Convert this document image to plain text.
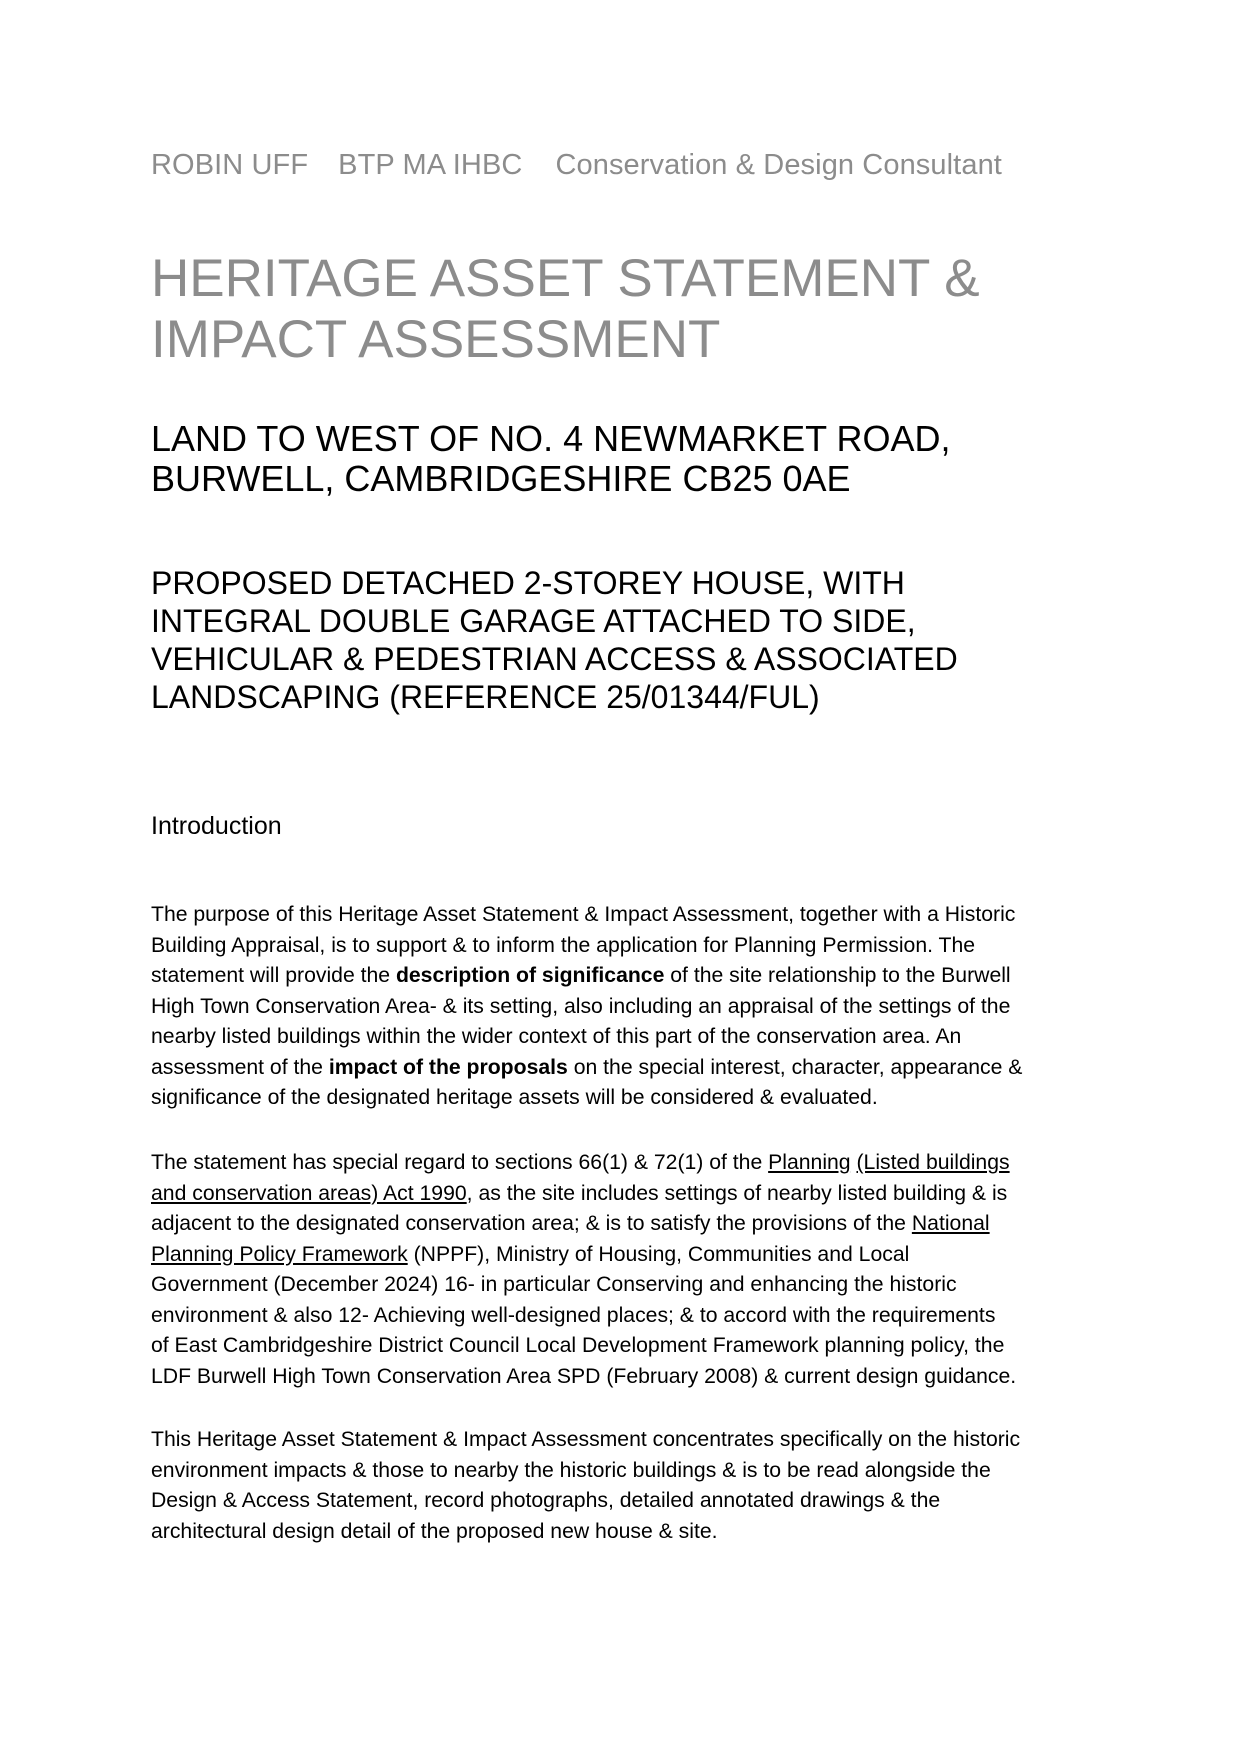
ROBIN UFF BTP MA IHBC Conservation & Design Consultant
HERITAGE ASSET STATEMENT &
IMPACT ASSESSMENT
LAND TO WEST OF NO. 4 NEWMARKET ROAD,
BURWELL, CAMBRIDGESHIRE CB25 0AE
PROPOSED DETACHED 2-STOREY HOUSE, WITH
INTEGRAL DOUBLE GARAGE ATTACHED TO SIDE,
VEHICULAR & PEDESTRIAN ACCESS & ASSOCIATED
LANDSCAPING (REFERENCE 25/01344/FUL)
Introduction

The purpose of this Heritage Asset Statement & Impact Assessment, together with a Historic
Building Appraisal, is to support & to inform the application for Planning Permission. The
statement will provide the description of significance of the site relationship to the Burwell
High Town Conservation Area- & its setting, also including an appraisal of the settings of the
nearby listed buildings within the wider context of this part of the conservation area. An
assessment of the impact of the proposals on the special interest, character, appearance &
significance of the designated heritage assets will be considered & evaluated.

The statement has special regard to sections 66(1) & 72(1) of the Planning (Listed buildings
and conservation areas) Act 1990, as the site includes settings of nearby listed building & is
adjacent to the designated conservation area; & is to satisfy the provisions of the National
Planning Policy Framework (NPPF), Ministry of Housing, Communities and Local
Government (December 2024) 16- in particular Conserving and enhancing the historic
environment & also 12- Achieving well-designed places; & to accord with the requirements
of East Cambridgeshire District Council Local Development Framework planning policy, the
LDF Burwell High Town Conservation Area SPD (February 2008) & current design guidance.

This Heritage Asset Statement & Impact Assessment concentrates specifically on the historic
environment impacts & those to nearby the historic buildings & is to be read alongside the
Design & Access Statement, record photographs, detailed annotated drawings & the
architectural design detail of the proposed new house & site.
